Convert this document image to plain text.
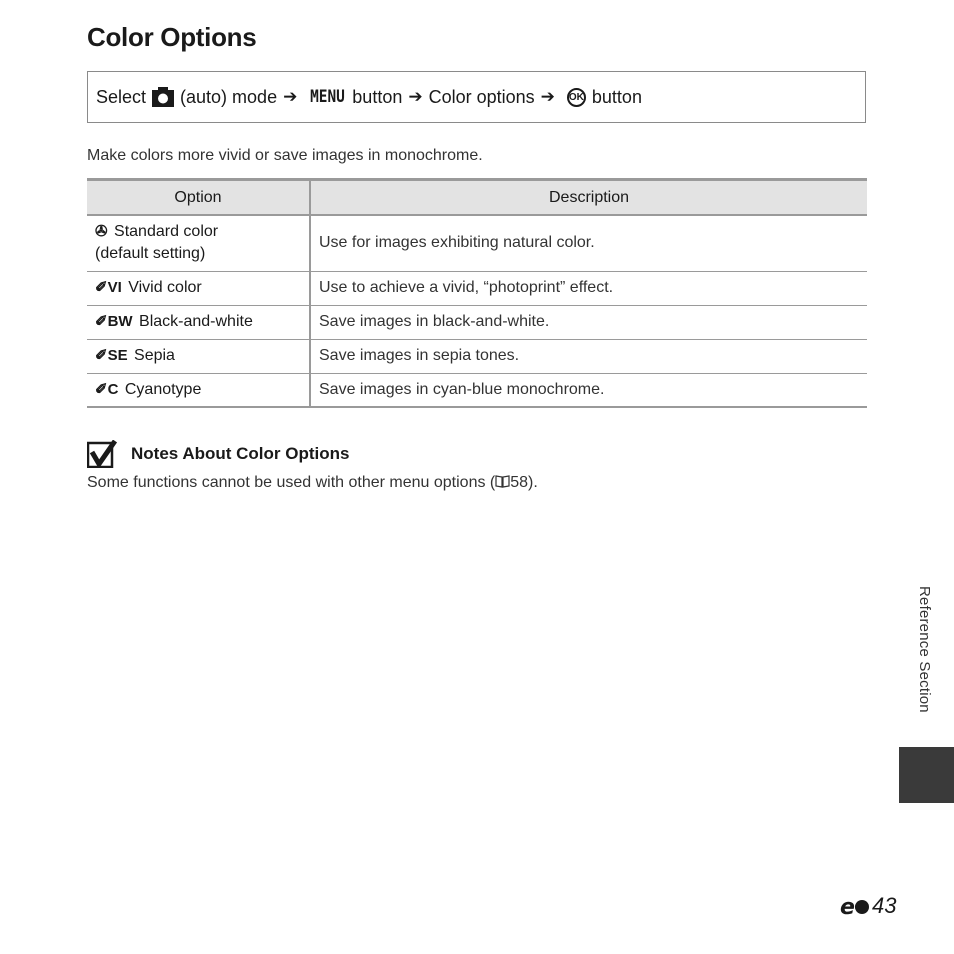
Color Options
Select (auto) mode ➔ MENU button ➔ Color options ➔ OK button
Make colors more vivid or save images in monochrome.
Option	Description
✇ Standard color
(default setting)	Use for images exhibiting natural color.
✐VI Vivid color	Use to achieve a vivid, “photoprint” effect.
✐BW Black-and-white	Save images in black-and-white.
✐SE Sepia	Save images in sepia tones.
✐C Cyanotype	Save images in cyan-blue monochrome.
Notes About Color Options
Some functions cannot be used with other menu options ( 58).
Reference Section
e 43
